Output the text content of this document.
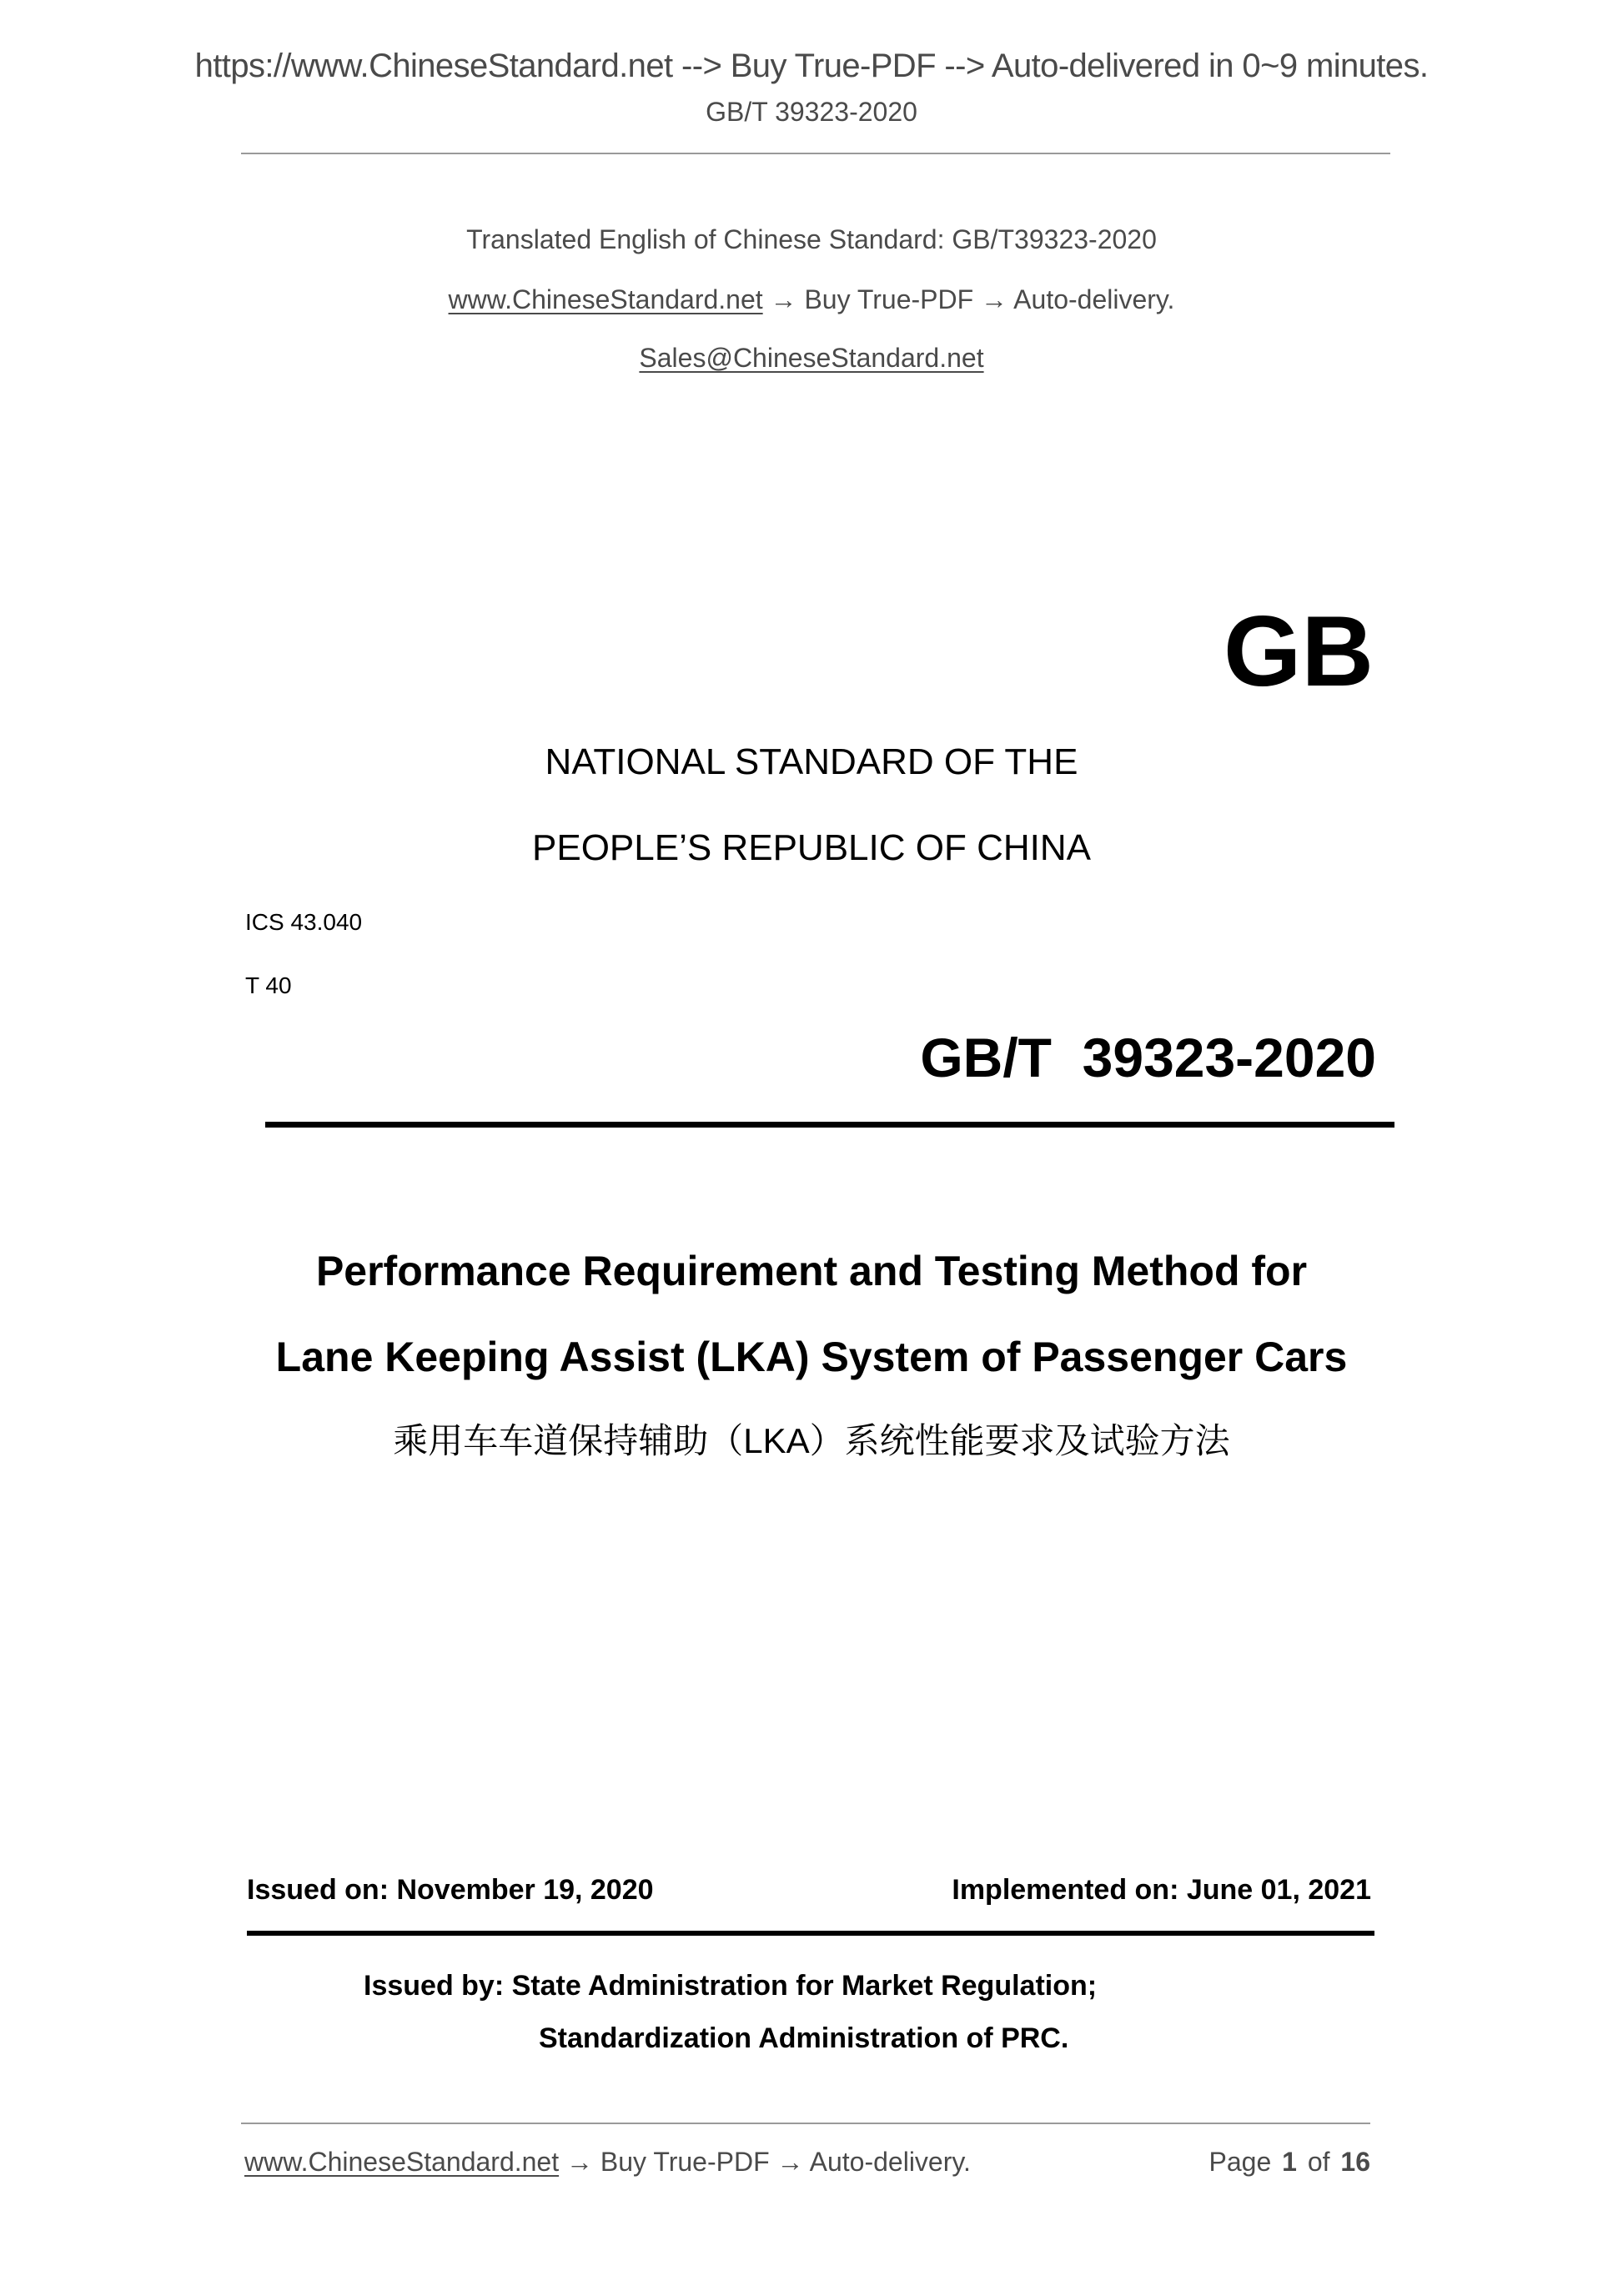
https://www.ChineseStandard.net --> Buy True-PDF --> Auto-delivered in 0~9 minutes.
GB/T 39323-2020
Translated English of Chinese Standard: GB/T39323-2020
www.ChineseStandard.net → Buy True-PDF → Auto-delivery.
Sales@ChineseStandard.net
GB
NATIONAL STANDARD OF THE
PEOPLE’S REPUBLIC OF CHINA
ICS 43.040
T 40
GB/T  39323-2020
Performance Requirement and Testing Method for
Lane Keeping Assist (LKA) System of Passenger Cars
乘用车车道保持辅助（LKA）系统性能要求及试验方法
Issued on: November 19, 2020	Implemented on: June 01, 2021
Issued by: State Administration for Market Regulation;
Standardization Administration of PRC.
www.ChineseStandard.net → Buy True-PDF → Auto-delivery.	Page 1 of 16
